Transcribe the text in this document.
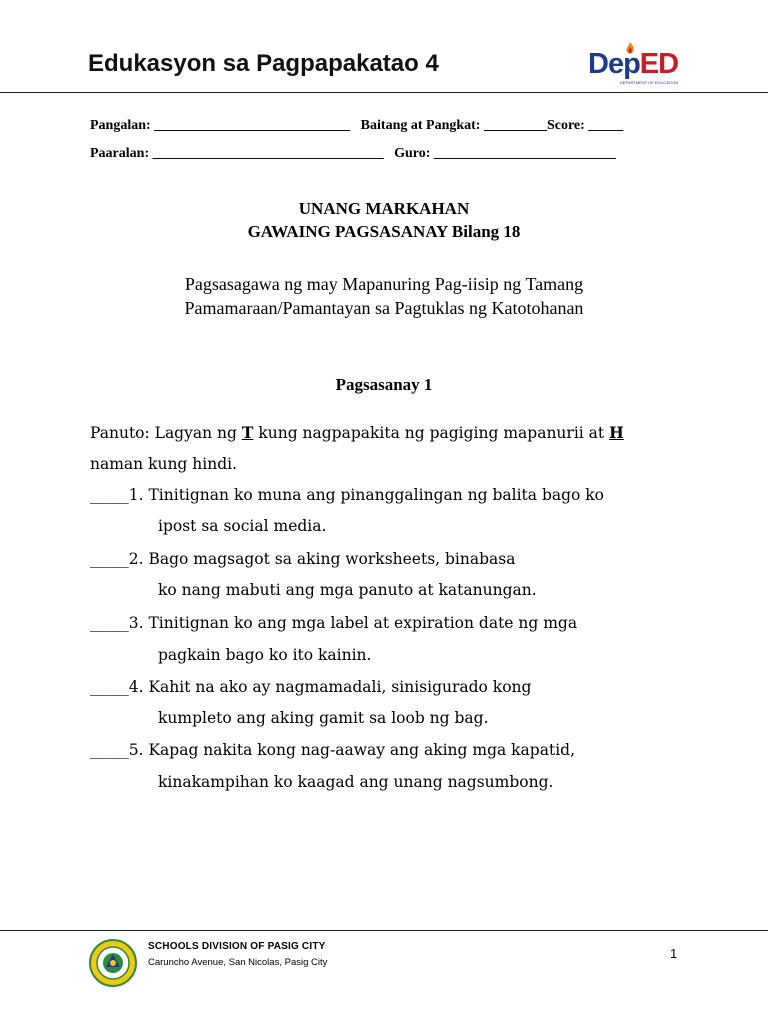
Edukasyon sa Pagpapakatao 4	DepED
DEPARTMENT OF EDUCATION
Pangalan: ____________________________   Baitang at Pangkat: _________Score: _____
Paaralan: _________________________________   Guro: __________________________
UNANG MARKAHAN
GAWAING PAGSASANAY Bilang 18
Pagsasagawa ng may Mapanuring Pag-iisip ng Tamang
Pamamaraan/Pamantayan sa Pagtuklas ng Katotohanan
Pagsasanay 1
Panuto: Lagyan ng T kung nagpapakita ng pagiging mapanurii at H
naman kung hindi.
_____1. Tinitignan ko muna ang pinanggalingan ng balita bago ko
ipost sa social media.
_____2. Bago magsagot sa aking worksheets, binabasa
ko nang mabuti ang mga panuto at katanungan.
_____3. Tinitignan ko ang mga label at expiration date ng mga
pagkain bago ko ito kainin.
_____4. Kahit na ako ay nagmamadali, sinisigurado kong
kumpleto ang aking gamit sa loob ng bag.
_____5. Kapag nakita kong nag-aaway ang aking mga kapatid,
kinakampihan ko kaagad ang unang nagsumbong.
SCHOOLS DIVISION OF PASIG CITY
Caruncho Avenue, San Nicolas, Pasig City
1
